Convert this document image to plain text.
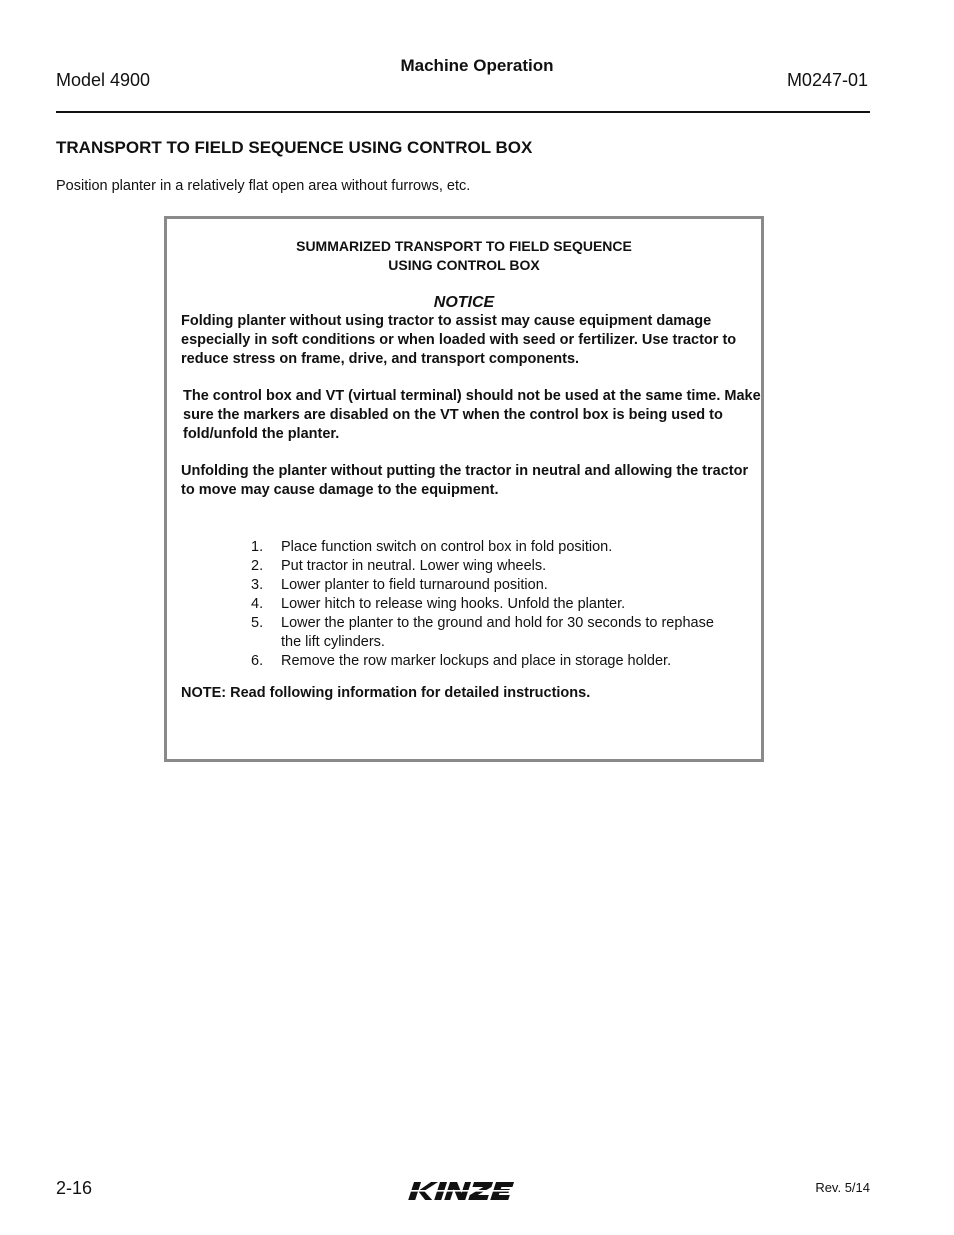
Machine Operation
Model 4900	M0247-01
TRANSPORT TO FIELD SEQUENCE USING CONTROL BOX
Position planter in a relatively flat open area without furrows, etc.
SUMMARIZED TRANSPORT TO FIELD SEQUENCE
USING CONTROL BOX
NOTICE
Folding planter without using tractor to assist may cause equipment damage especially in soft conditions or when loaded with seed or fertilizer. Use tractor to reduce stress on frame, drive, and transport components.
The control box and VT (virtual terminal) should not be used at the same time. Make sure the markers are disabled on the VT when the control box is being used to fold/unfold the planter.
Unfolding the planter without putting the tractor in neutral and allowing the tractor to move may cause damage to the equipment.
1. Place function switch on control box in fold position.
2. Put tractor in neutral. Lower wing wheels.
3. Lower planter to field turnaround position.
4. Lower hitch to release wing hooks. Unfold the planter.
5. Lower the planter to the ground and hold for 30 seconds to rephase the lift cylinders.
6. Remove the row marker lockups and place in storage holder.
NOTE: Read following information for detailed instructions.
2-16	Rev. 5/14
